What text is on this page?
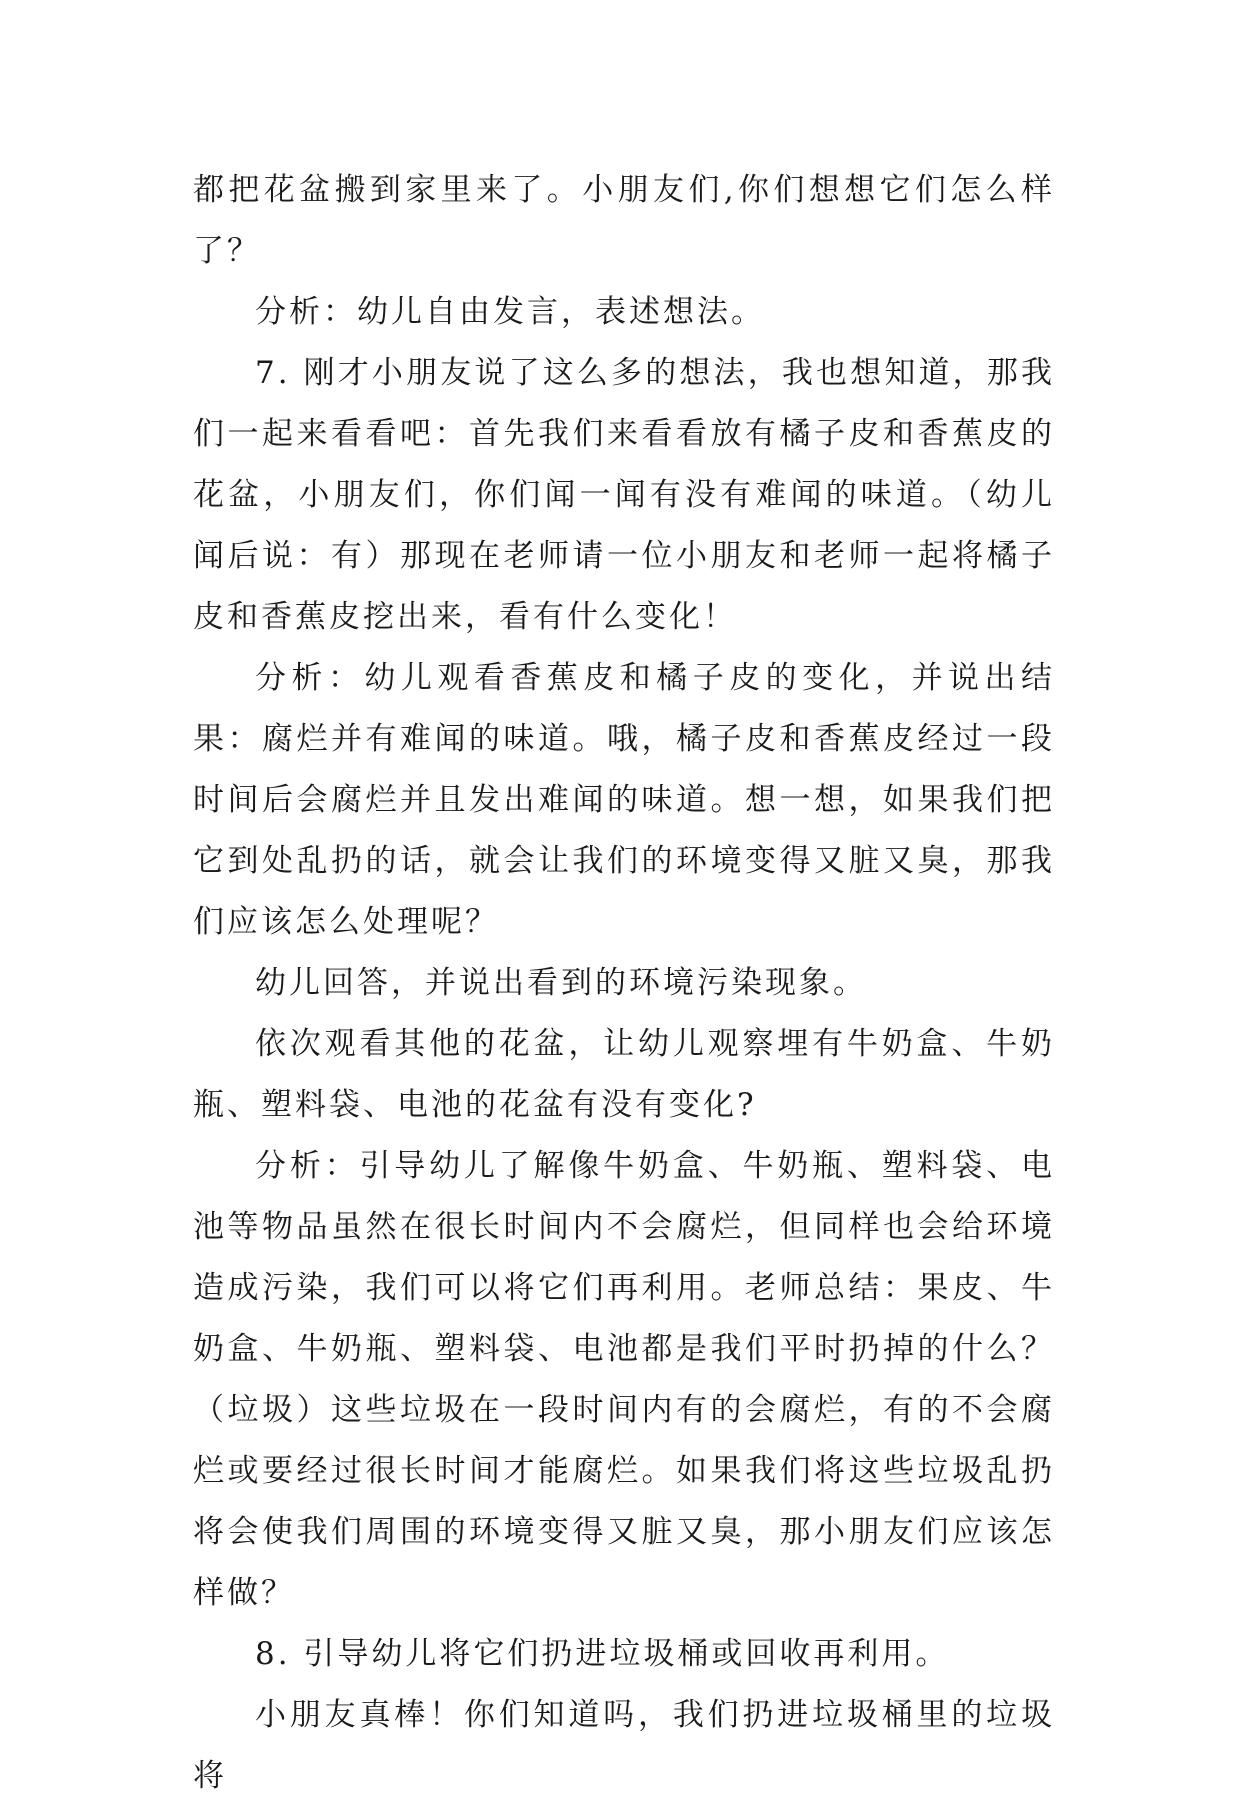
都把花盆搬到家里来了。小朋友们,你们想想它们怎么样了？

分析：幼儿自由发言，表述想法。

7. 刚才小朋友说了这么多的想法，我也想知道，那我们一起来看看吧：首先我们来看看放有橘子皮和香蕉皮的花盆，小朋友们，你们闻一闻有没有难闻的味道。（幼儿闻后说：有）那现在老师请一位小朋友和老师一起将橘子皮和香蕉皮挖出来，看有什么变化！

分析：幼儿观看香蕉皮和橘子皮的变化，并说出结果：腐烂并有难闻的味道。哦，橘子皮和香蕉皮经过一段时间后会腐烂并且发出难闻的味道。想一想，如果我们把它到处乱扔的话，就会让我们的环境变得又脏又臭，那我们应该怎么处理呢？

幼儿回答，并说出看到的环境污染现象。

依次观看其他的花盆，让幼儿观察埋有牛奶盒、牛奶瓶、塑料袋、电池的花盆有没有变化?

分析：引导幼儿了解像牛奶盒、牛奶瓶、塑料袋、电池等物品虽然在很长时间内不会腐烂，但同样也会给环境造成污染，我们可以将它们再利用。老师总结：果皮、牛奶盒、牛奶瓶、塑料袋、电池都是我们平时扔掉的什么？（垃圾）这些垃圾在一段时间内有的会腐烂，有的不会腐烂或要经过很长时间才能腐烂。如果我们将这些垃圾乱扔将会使我们周围的环境变得又脏又臭，那小朋友们应该怎样做？

8. 引导幼儿将它们扔进垃圾桶或回收再利用。

小朋友真棒！你们知道吗，我们扔进垃圾桶里的垃圾将
